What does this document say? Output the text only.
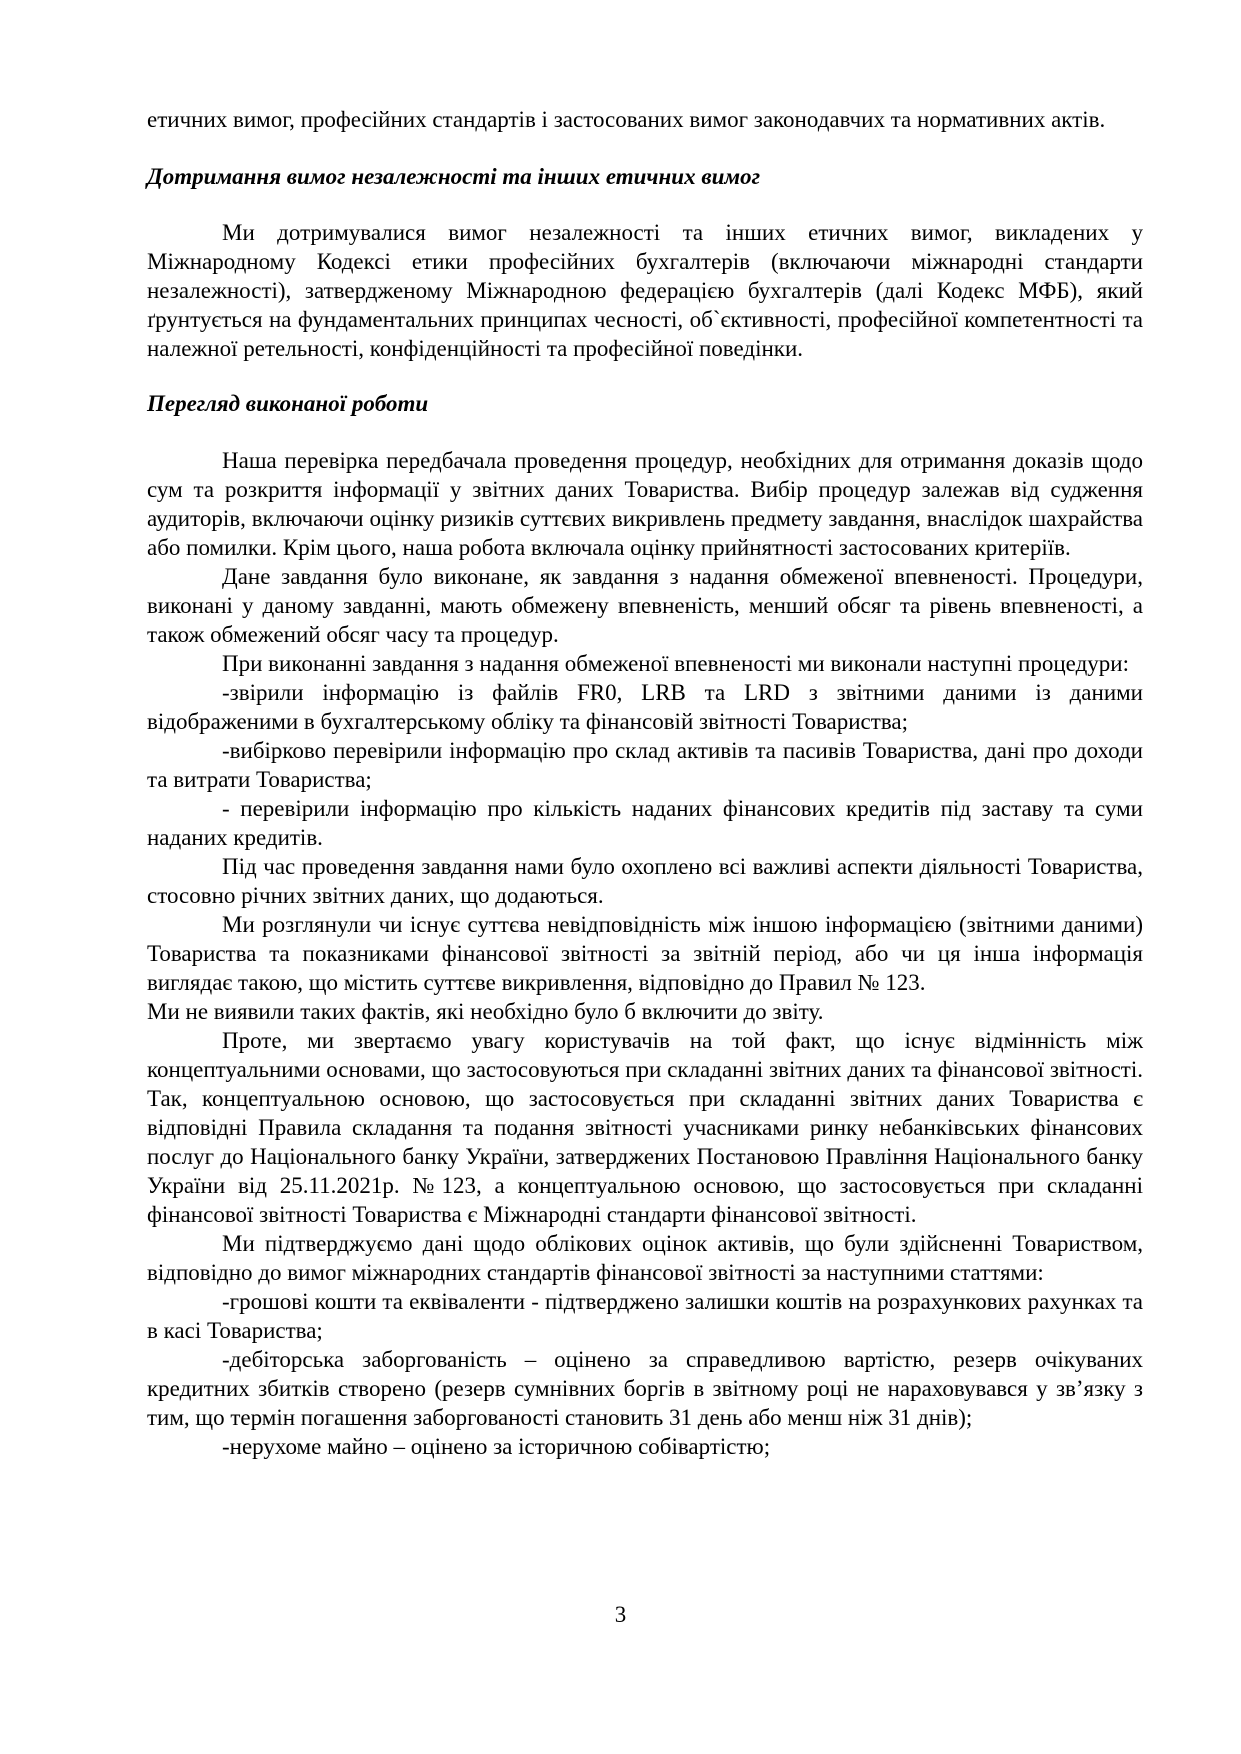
етичних вимог, професійних стандартів і застосованих вимог законодавчих та нормативних актів.

Дотримання вимог незалежності та інших етичних вимог

Ми дотримувалися вимог незалежності та інших етичних вимог, викладених у Міжнародному Кодексі етики професійних бухгалтерів (включаючи міжнародні стандарти незалежності), затвердженому Міжнародною федерацією бухгалтерів (далі Кодекс МФБ), який ґрунтується на фундаментальних принципах чесності, об`єктивності, професійної компетентності та належної ретельності, конфіденційності та професійної поведінки.

Перегляд виконаної роботи

Наша перевірка передбачала проведення процедур, необхідних для отримання доказів щодо сум та розкриття інформації у звітних даних Товариства. Вибір процедур залежав від судження аудиторів, включаючи оцінку ризиків суттєвих викривлень предмету завдання, внаслідок шахрайства або помилки. Крім цього, наша робота включала оцінку прийнятності застосованих критеріїв.

Дане завдання було виконане, як завдання з надання обмеженої впевненості. Процедури, виконані у даному завданні, мають обмежену впевненість, менший обсяг та рівень впевненості, а також обмежений обсяг часу та процедур.

При виконанні завдання з надання обмеженої впевненості ми виконали наступні процедури:

-звірили інформацію із файлів FR0, LRB та LRD з звітними даними із даними відображеними в бухгалтерському обліку та фінансовій звітності Товариства;

-вибірково перевірили інформацію про склад активів та пасивів Товариства, дані про доходи та витрати Товариства;

- перевірили інформацію про кількість наданих фінансових кредитів під заставу та суми наданих кредитів.

Під час проведення завдання нами було охоплено всі важливі аспекти діяльності Товариства, стосовно річних звітних даних, що додаються.

Ми розглянули чи існує суттєва невідповідність між іншою інформацією (звітними даними) Товариства та показниками фінансової звітності за звітній період, або чи ця інша інформація виглядає такою, що містить суттєве викривлення, відповідно до Правил № 123.

Ми не виявили таких фактів, які необхідно було б включити до звіту.

Проте, ми звертаємо увагу користувачів на той факт, що існує відмінність між концептуальними основами, що застосовуються при складанні звітних даних та фінансової звітності. Так, концептуальною основою, що застосовується при складанні звітних даних Товариства є відповідні Правила складання та подання звітності учасниками ринку небанківських фінансових послуг до Національного банку України, затверджених Постановою Правління Національного банку України від 25.11.2021р. №123, а концептуальною основою, що застосовується при складанні фінансової звітності Товариства є Міжнародні стандарти фінансової звітності.

Ми підтверджуємо дані щодо облікових оцінок активів, що були здійсненні Товариством, відповідно до вимог міжнародних стандартів фінансової звітності за наступними статтями:

-грошові кошти та еквіваленти - підтверджено залишки коштів на розрахункових рахунках та в касі Товариства;

-дебіторська заборгованість – оцінено за справедливою вартістю, резерв очікуваних кредитних збитків створено (резерв сумнівних боргів в звітному році не нараховувався у зв’язку з тим, що термін погашення заборгованості становить 31 день або менш ніж 31 днів);

-нерухоме майно – оцінено за історичною собівартістю;

3
